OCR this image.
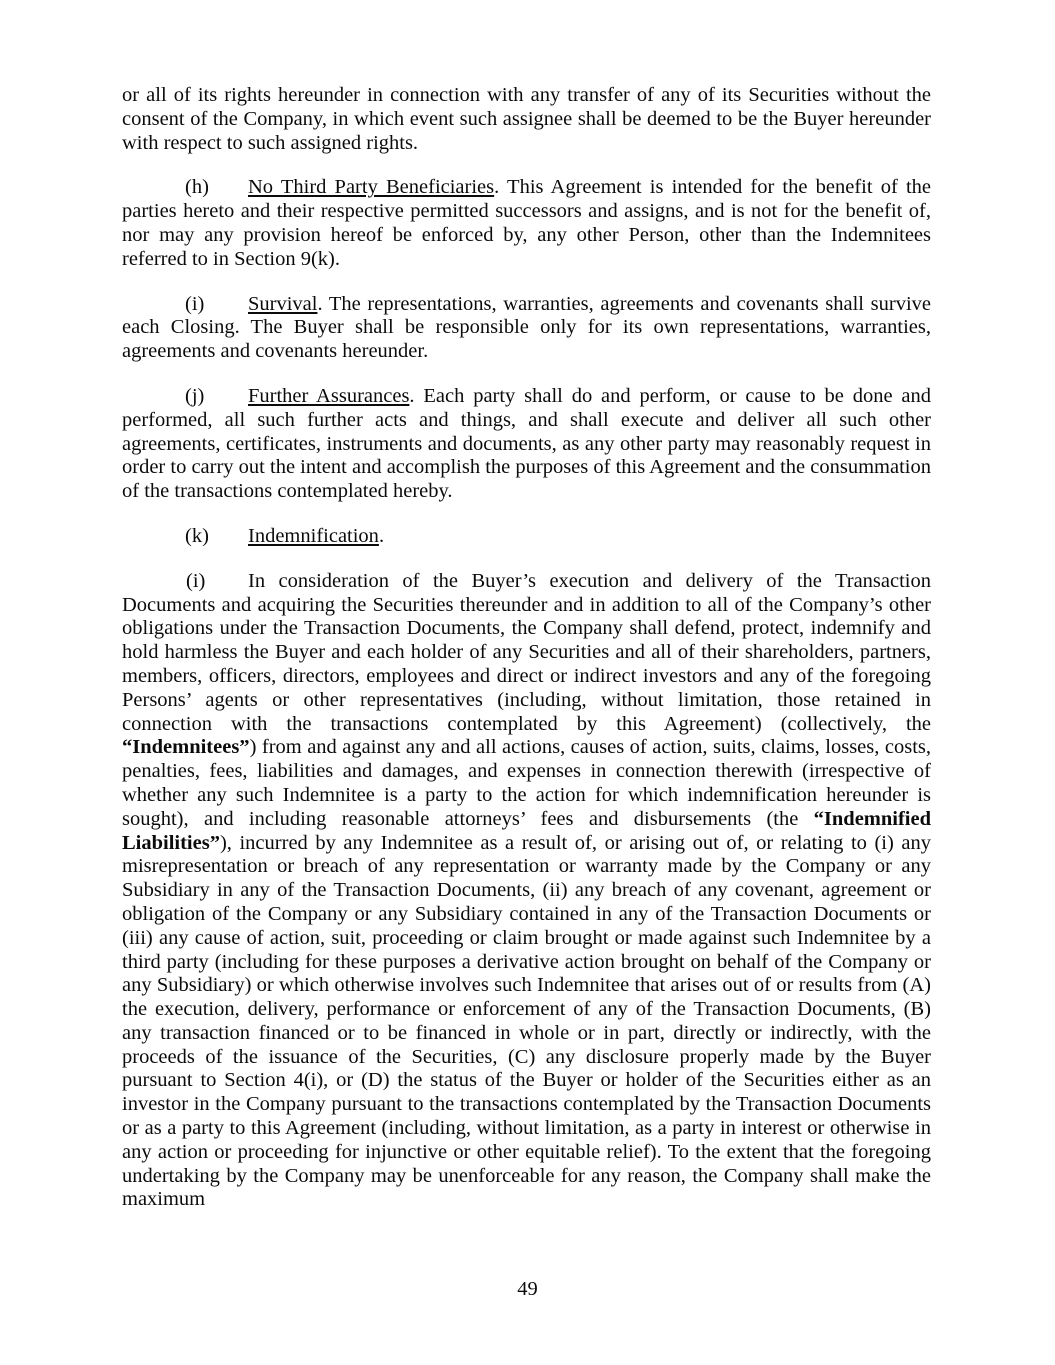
or all of its rights hereunder in connection with any transfer of any of its Securities without the consent of the Company, in which event such assignee shall be deemed to be the Buyer hereunder with respect to such assigned rights.

(h) No Third Party Beneficiaries. This Agreement is intended for the benefit of the parties hereto and their respective permitted successors and assigns, and is not for the benefit of, nor may any provision hereof be enforced by, any other Person, other than the Indemnitees referred to in Section 9(k).

(i) Survival. The representations, warranties, agreements and covenants shall survive each Closing. The Buyer shall be responsible only for its own representations, warranties, agreements and covenants hereunder.

(j) Further Assurances. Each party shall do and perform, or cause to be done and performed, all such further acts and things, and shall execute and deliver all such other agreements, certificates, instruments and documents, as any other party may reasonably request in order to carry out the intent and accomplish the purposes of this Agreement and the consummation of the transactions contemplated hereby.

(k) Indemnification.

(i) In consideration of the Buyer’s execution and delivery of the Transaction Documents and acquiring the Securities thereunder and in addition to all of the Company’s other obligations under the Transaction Documents, the Company shall defend, protect, indemnify and hold harmless the Buyer and each holder of any Securities and all of their shareholders, partners, members, officers, directors, employees and direct or indirect investors and any of the foregoing Persons’ agents or other representatives (including, without limitation, those retained in connection with the transactions contemplated by this Agreement) (collectively, the “Indemnitees”) from and against any and all actions, causes of action, suits, claims, losses, costs, penalties, fees, liabilities and damages, and expenses in connection therewith (irrespective of whether any such Indemnitee is a party to the action for which indemnification hereunder is sought), and including reasonable attorneys’ fees and disbursements (the “Indemnified Liabilities”), incurred by any Indemnitee as a result of, or arising out of, or relating to (i) any misrepresentation or breach of any representation or warranty made by the Company or any Subsidiary in any of the Transaction Documents, (ii) any breach of any covenant, agreement or obligation of the Company or any Subsidiary contained in any of the Transaction Documents or (iii) any cause of action, suit, proceeding or claim brought or made against such Indemnitee by a third party (including for these purposes a derivative action brought on behalf of the Company or any Subsidiary) or which otherwise involves such Indemnitee that arises out of or results from (A) the execution, delivery, performance or enforcement of any of the Transaction Documents, (B) any transaction financed or to be financed in whole or in part, directly or indirectly, with the proceeds of the issuance of the Securities, (C) any disclosure properly made by the Buyer pursuant to Section 4(i), or (D) the status of the Buyer or holder of the Securities either as an investor in the Company pursuant to the transactions contemplated by the Transaction Documents or as a party to this Agreement (including, without limitation, as a party in interest or otherwise in any action or proceeding for injunctive or other equitable relief). To the extent that the foregoing undertaking by the Company may be unenforceable for any reason, the Company shall make the maximum

49
